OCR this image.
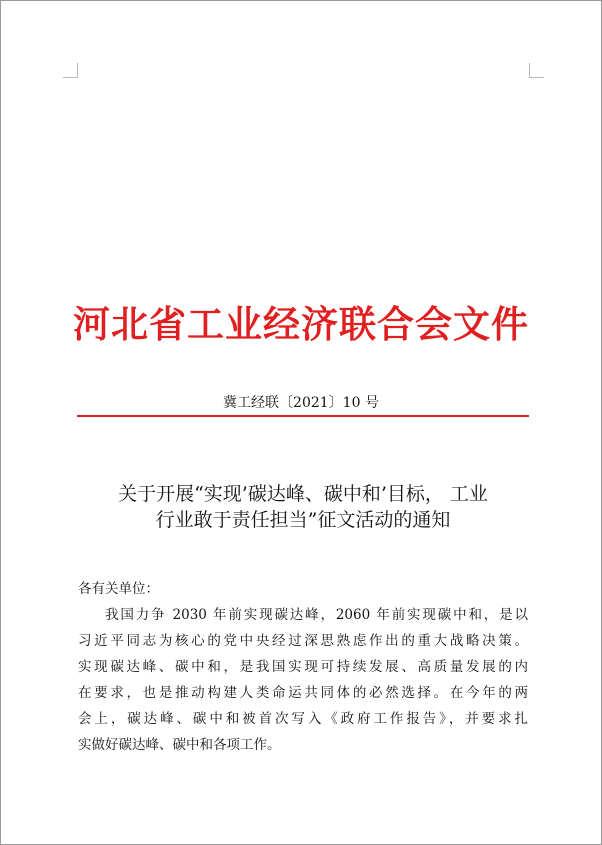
河北省工业经济联合会文件
冀工经联〔2021〕10 号
关于开展“实现’碳达峰、碳中和’目标， 工业
行业敢于责任担当”征文活动的通知
各有关单位：
我国力争 2030 年前实现碳达峰，2060 年前实现碳中和，是以
习近平同志为核心的党中央经过深思熟虑作出的重大战略决策。
实现碳达峰、碳中和，是我国实现可持续发展、高质量发展的内
在要求，也是推动构建人类命运共同体的必然选择。在今年的两
会上，碳达峰、碳中和被首次写入《政府工作报告》，并要求扎
实做好碳达峰、碳中和各项工作。
